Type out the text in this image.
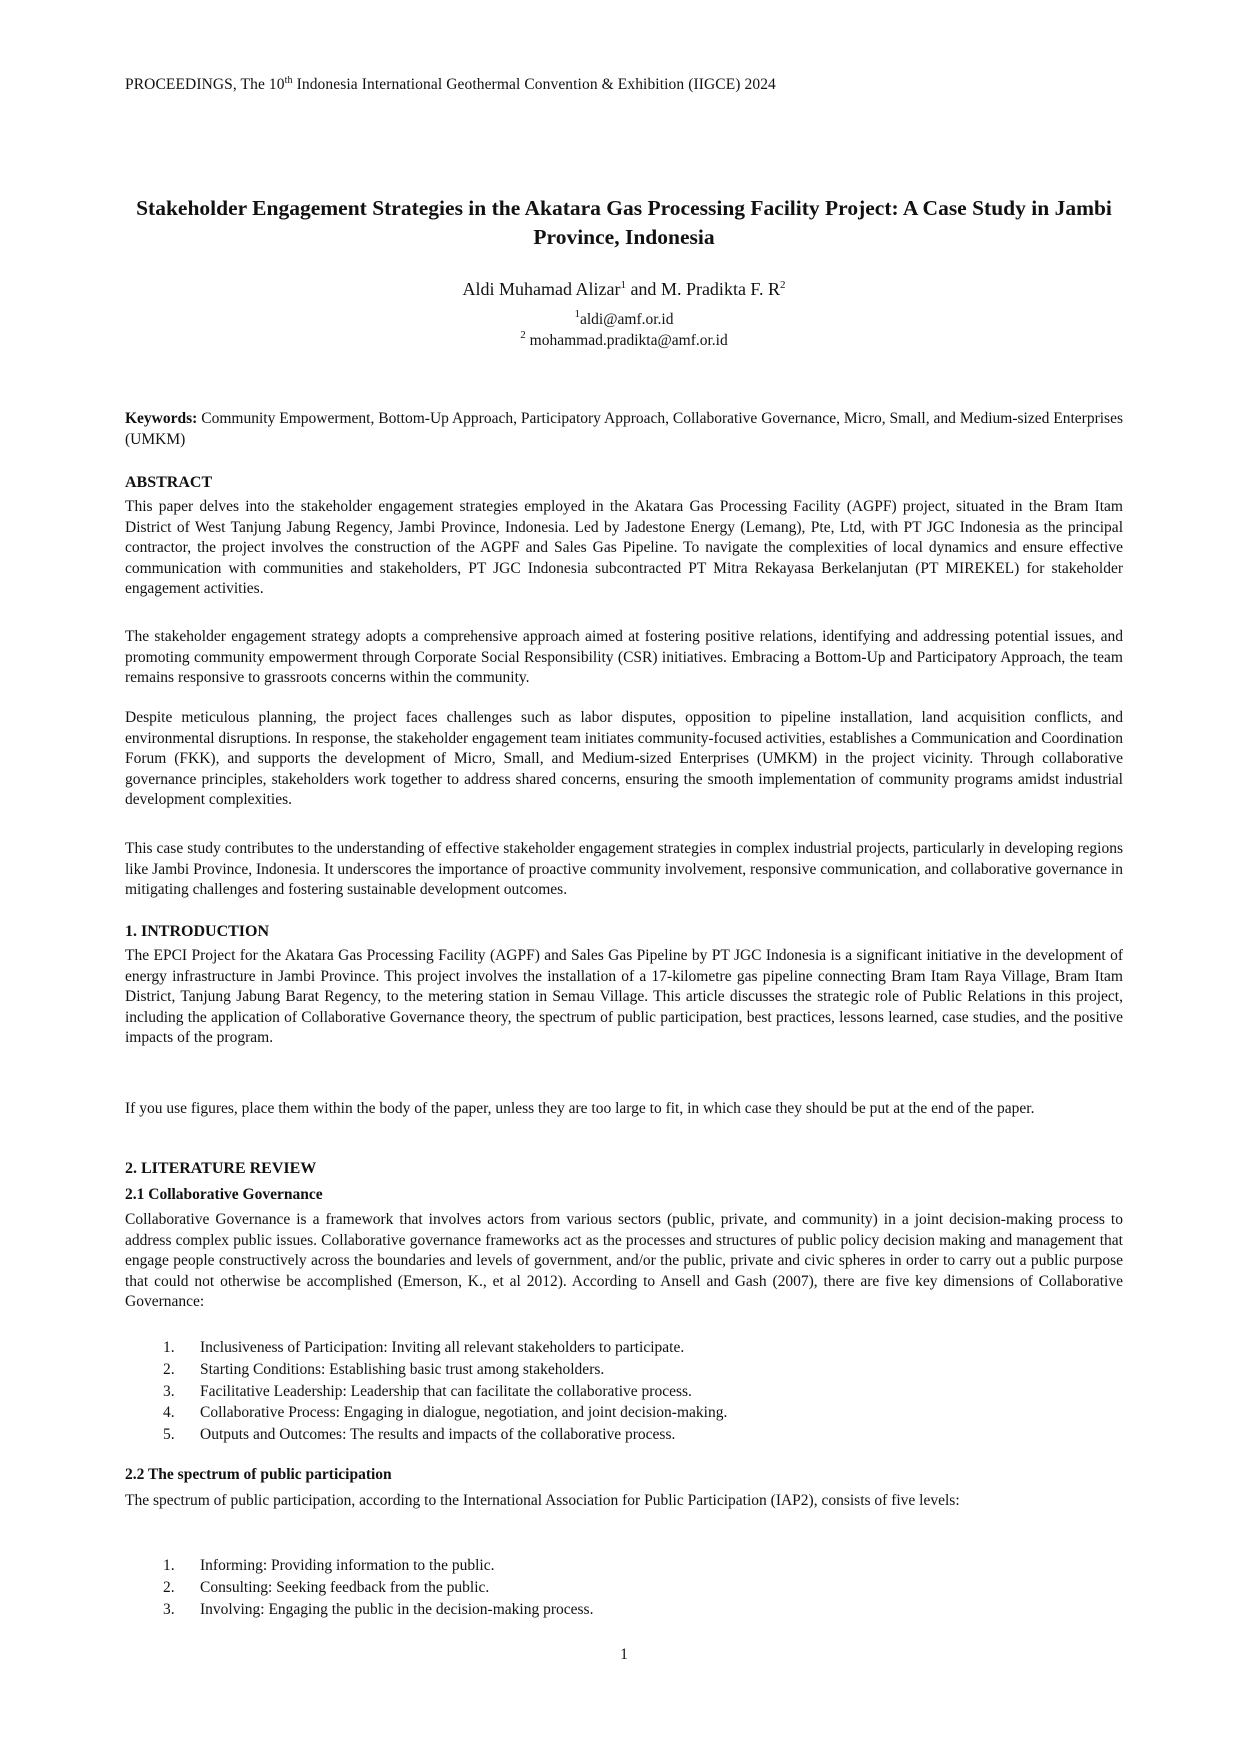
PROCEEDINGS, The 10th Indonesia International Geothermal Convention & Exhibition (IIGCE) 2024
Stakeholder Engagement Strategies in the Akatara Gas Processing Facility Project: A Case Study in Jambi Province, Indonesia
Aldi Muhamad Alizar$^1$ and M. Pradikta F. $R^2$
$^1$aldi@amf.or.id
$^2$ mohammad.pradikta@amf.or.id

Keywords: Community Empowerment, Bottom-Up Approach, Participatory Approach, Collaborative Governance, Micro, Small, and Medium-sized Enterprises (UMKM)

ABSTRACT

This paper delves into the stakeholder engagement strategies employed in the Akatara Gas Processing Facility (AGPF) project, situated in the Bram Itam District of West Tanjung Jabung Regency, Jambi Province, Indonesia. Led by Jadestone Energy (Lemang), Pte, Ltd, with PT JGC Indonesia as the principal contractor, the project involves the construction of the AGPF and Sales Gas Pipeline. To navigate the complexities of local dynamics and ensure effective communication with communities and stakeholders, PT JGC Indonesia subcontracted PT Mitra Rekayasa Berkelanjutan (PT MIREKEL) for stakeholder engagement activities.

The stakeholder engagement strategy adopts a comprehensive approach aimed at fostering positive relations, identifying and addressing potential issues, and promoting community empowerment through Corporate Social Responsibility (CSR) initiatives. Embracing a Bottom-Up and Participatory Approach, the team remains responsive to grassroots concerns within the community.

Despite meticulous planning, the project faces challenges such as labor disputes, opposition to pipeline installation, land acquisition conflicts, and environmental disruptions. In response, the stakeholder engagement team initiates community-focused activities, establishes a Communication and Coordination Forum (FKK), and supports the development of Micro, Small, and Medium-sized Enterprises (UMKM) in the project vicinity. Through collaborative governance principles, stakeholders work together to address shared concerns, ensuring the smooth implementation of community programs amidst industrial development complexities.

This case study contributes to the understanding of effective stakeholder engagement strategies in complex industrial projects, particularly in developing regions like Jambi Province, Indonesia. It underscores the importance of proactive community involvement, responsive communication, and collaborative governance in mitigating challenges and fostering sustainable development outcomes.

1. INTRODUCTION

The EPCI Project for the Akatara Gas Processing Facility (AGPF) and Sales Gas Pipeline by PT JGC Indonesia is a significant initiative in the development of energy infrastructure in Jambi Province. This project involves the installation of a 17-kilometre gas pipeline connecting Bram Itam Raya Village, Bram Itam District, Tanjung Jabung Barat Regency, to the metering station in Semau Village. This article discusses the strategic role of Public Relations in this project, including the application of Collaborative Governance theory, the spectrum of public participation, best practices, lessons learned, case studies, and the positive impacts of the program.

If you use figures, place them within the body of the paper, unless they are too large to fit, in which case they should be put at the end of the paper.

2. LITERATURE REVIEW
2.1 Collaborative Governance

Collaborative Governance is a framework that involves actors from various sectors (public, private, and community) in a joint decision-making process to address complex public issues. Collaborative governance frameworks act as the processes and structures of public policy decision making and management that engage people constructively across the boundaries and levels of government, and/or the public, private and civic spheres in order to carry out a public purpose that could not otherwise be accomplished (Emerson, K., et al 2012). According to Ansell and Gash (2007), there are five key dimensions of Collaborative Governance:

1. Inclusiveness of Participation: Inviting all relevant stakeholders to participate.
2. Starting Conditions: Establishing basic trust among stakeholders.
3. Facilitative Leadership: Leadership that can facilitate the collaborative process.
4. Collaborative Process: Engaging in dialogue, negotiation, and joint decision-making.
5. Outputs and Outcomes: The results and impacts of the collaborative process.
2.2 The spectrum of public participation

The spectrum of public participation, according to the International Association for Public Participation (IAP2), consists of five levels:

1. Informing: Providing information to the public.
2. Consulting: Seeking feedback from the public.
3. Involving: Engaging the public in the decision-making process.
1
